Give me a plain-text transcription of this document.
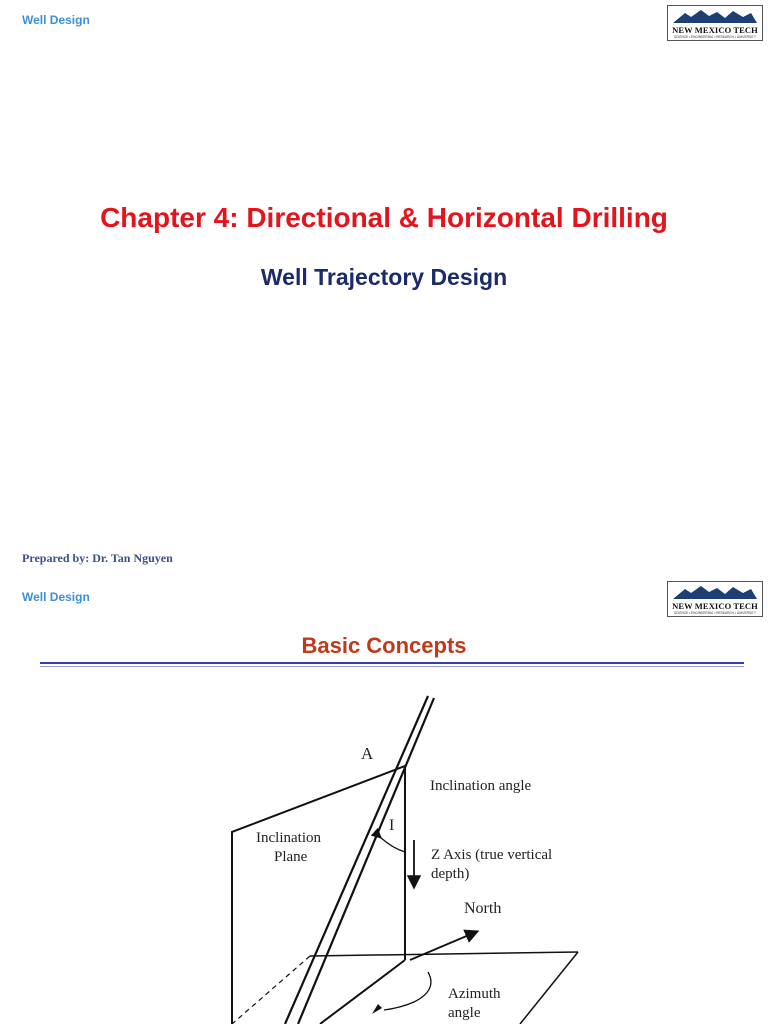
Well Design
NEW MEXICO TECH
SCIENCE • ENGINEERING • RESEARCH • UNIVERSITY
Chapter 4: Directional & Horizontal Drilling
Well Trajectory Design
Prepared by: Dr. Tan Nguyen
Well Design
NEW MEXICO TECH
SCIENCE • ENGINEERING • RESEARCH • UNIVERSITY
Basic Concepts
A
Inclination angle
I
Inclination
Plane	Z Axis (true vertical
depth)
North
Azimuth
angle
